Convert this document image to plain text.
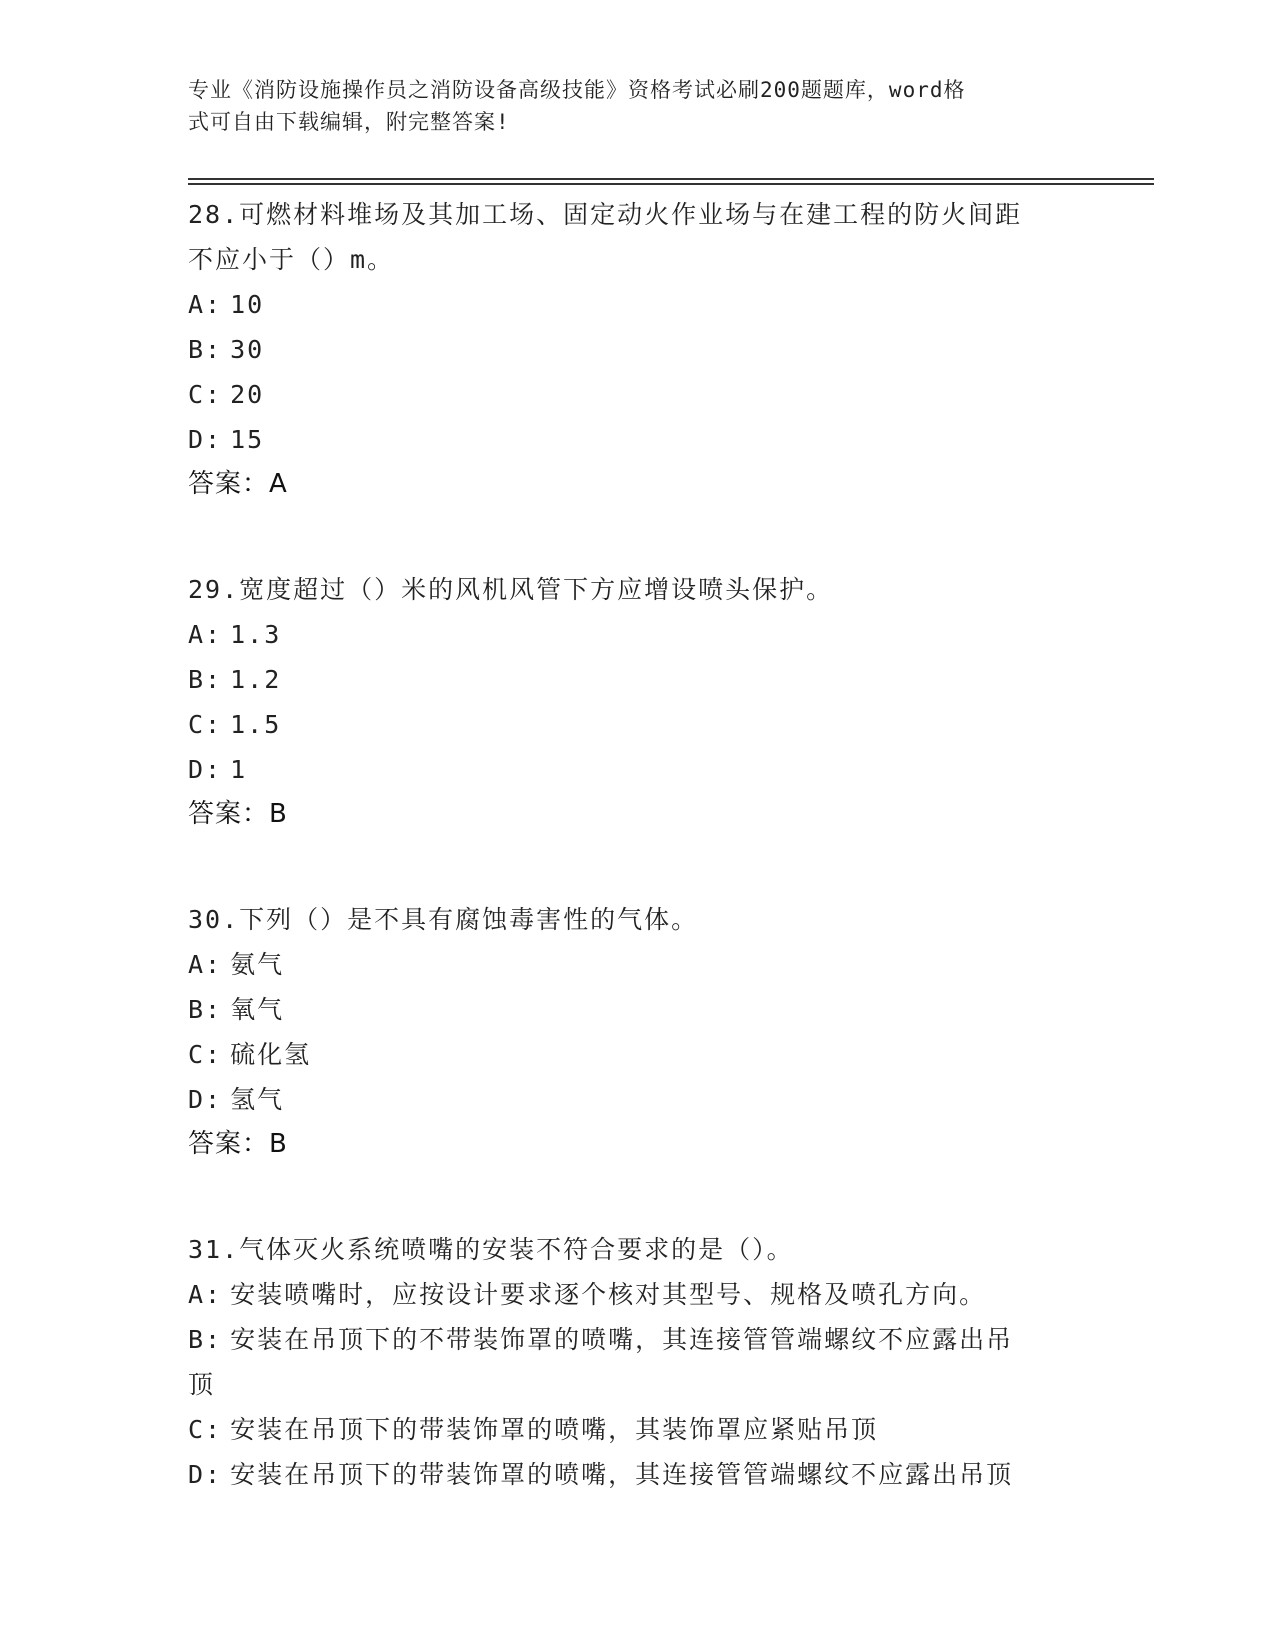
专业《消防设施操作员之消防设备高级技能》资格考试必刷200题题库，word格
式可自由下载编辑，附完整答案!
28.可燃材料堆场及其加工场、固定动火作业场与在建工程的防火间距
不应小于（）m。
A: 10
B: 30
C: 20
D: 15
答案：A
29.宽度超过（）米的风机风管下方应增设喷头保护。
A: 1.3
B: 1.2
C: 1.5
D: 1
答案：B
30.下列（）是不具有腐蚀毒害性的气体。
A: 氨气
B: 氧气
C: 硫化氢
D: 氢气
答案：B
31.气体灭火系统喷嘴的安装不符合要求的是（）。
A: 安装喷嘴时，应按设计要求逐个核对其型号、规格及喷孔方向。
B: 安装在吊顶下的不带装饰罩的喷嘴，其连接管管端螺纹不应露出吊
顶
C: 安装在吊顶下的带装饰罩的喷嘴，其装饰罩应紧贴吊顶
D: 安装在吊顶下的带装饰罩的喷嘴，其连接管管端螺纹不应露出吊顶
